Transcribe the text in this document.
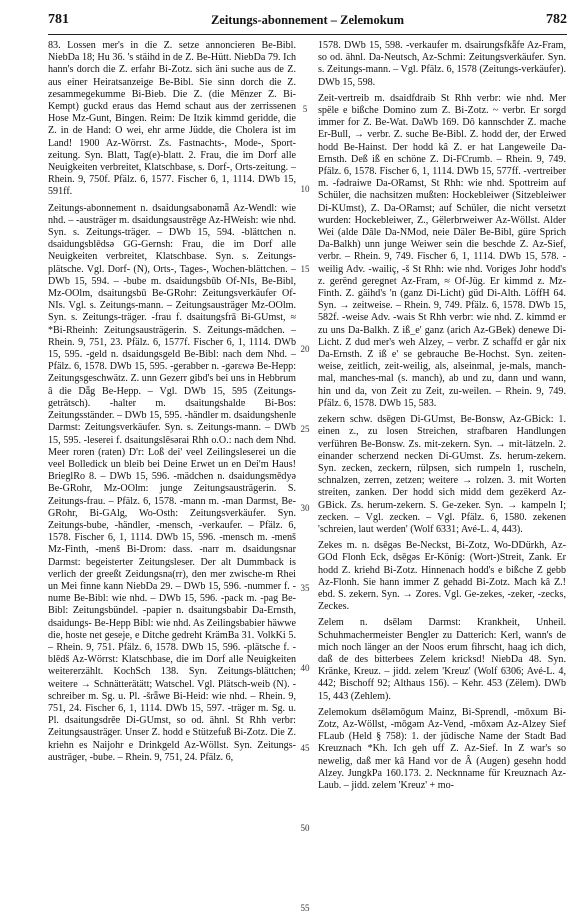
781	Zeitungs-abonnement – Zelemokum	782

83. Lossen mer's in die Z. setze annoncieren Be-Bibl. NiebDa 18; Hu 36. 's stäihd in de Z. Be-Hütt. NiebDa 79. Ich hann's dorch die Z. erfahr Bi-Zotz. sich äni suche aus de Z. aus einer Heiratsanzeige Be-Bibl. Sie sinn dorch die Z. zesammegekumme Bi-Bieb. Die Z. (die Mënzer Z. Bi-Kempt) guckd eraus das Hemd schaut aus der zerrissenen Hose Mz-Gunt, Bingen. Reim: De Itzik kimmd geridde, die Z. in de Hand: O wei, ehr arme Jüdde, die Cholera ist im Land! 1900 Az-Wörrst. Zs. Fastnachts-, Mode-, Sport-zeitung. Syn. Blatt, Tag(e)-blatt. 2. Frau, die im Dorf alle Neuigkeiten verbreitet, Klatschbase, s. Dorf-, Orts-zeitung. – Rhein. 9, 750f. Pfälz. 6, 1577. Fischer 6, 1, 1114. DWb 15, 591ff.

Zeitungs-abonnement n. dsaidungsabonəmǟ Az-Wendl: wie nhd. – -austräger m. dsaidungsaustrēgɐ Az-HWeish: wie nhd. Syn. s. Zeitungs-träger. – DWb 15, 594. -blättchen n. dsaidungsblēdsə GG-Gernsh: Frau, die im Dorf alle Neuigkeiten verbreitet, Klatschbase. Syn. s. Zeitungs-plätsche. Vgl. Dorf- (N), Orts-, Tages-, Wochen-blättchen. – DWb 15, 594. – -bube m. dsaidungsbūb Of-NIs, Be-Bibl, Mz-OOlm, dsaitungsbū Be-GRohr: Zeitungsverkäufer Of-NIs. Vgl. s. Zeitungs-mann. – Zeitungsausträger Mz-OOlm. Syn. s. Zeitungs-träger. -frau f. dsaitungsfrā Bi-GUmst, ≈ *Bi-Rheinh: Zeitungsausträgerin. S. Zeitungs-mädchen. – Rhein. 9, 751, 23. Pfälz. 6, 1577f. Fischer 6, 1, 1114. DWb 15, 595. -geld n. dsaidungsgeld Be-Bibl: nach dem Nhd. – Pfälz. 6, 1578. DWb 15, 595. -gerabber n. -gərɛwə Be-Hepp: Zeitungsgeschwätz. Z. unn Gezerr gibd's bei uns in Hebbrum â die Dǟg Be-Hepp. – Vgl. DWb 15, 595 (Zeitungs-geträtsch). -halter m. dsaitungshaldɐ Bi-Bos: Zeitungsständer. – DWb 15, 595. -händler m. dsaidungshenlɐ Darmst: Zeitungsverkäufer. Syn. s. Zeitungs-mann. – DWb 15, 595. -leserei f. dsaitungslēsərai Rhh o.O.: nach dem Nhd. Meer roren (raten) D'r: Loß dei' veel Zeilingsleserei un die veel Bolledick un bleib bei Deine Erwet un en Dei'm Haus! BrieglRo 8. – DWb 15, 596. -mädchen n. dsaidungsmēdyə Be-GRohr, Mz-OOlm: junge Zeitungsausträgerin. S. Zeitungs-frau. – Pfälz. 6, 1578. -mann m. -man Darmst, Be-GRohr, Bi-GAlg, Wo-Osth: Zeitungsverkäufer. Syn. Zeitungs-bube, -händler, -mensch, -verkaufer. – Pfälz. 6, 1578. Fischer 6, 1, 1114. DWb 15, 596. -mensch m. -menš Mz-Finth, -menš Bi-Drom: dass. -narr m. dsaidungsnar Darmst: begeisterter Zeitungsleser. Der alt Dummback is verlich der greeßt Zeidungsna(rr), den mer zwische-m Rhei un Mei finne kann NiebDa 29. – DWb 15, 596. -nummer f. -numɐ Be-Bibl: wie nhd. – DWb 15, 596. -pack m. -pag Be-Bibl: Zeitungsbündel. -papier n. dsaitungsbabir Da-Ernsth, dsaidungs- Be-Hepp Bibl: wie nhd. As Zeilingsbabier häwwe die, hoste net geseje, e Ditche gedreht KrämBa 31. VolkKi 5. – Rhein. 9, 751. Pfälz. 6, 1578. DWb 15, 596. -plätsche f. -blēdš Az-Wörrst: Klatschbase, die im Dorf alle Neuigkeiten weitererzählt. KochSch 138. Syn. Zeitungs-blättchen; weitere → Schnätterätätt; Watschel. Vgl. Plätsch-weib (N). -schreiber m. Sg. u. Pl. -šrǟwɐ Bi-Heid: wie nhd. – Rhein. 9, 751, 24. Fischer 6, 1, 1114. DWb 15, 597. -träger m. Sg. u. Pl. dsaitungsdrēɐ Di-GUmst, so od. ähnl. St Rhh verbr: Zeitungsausträger. Unser Z. hodd e Stützefuß Bi-Zotz. Die Z. kriehn es Naijohr e Drinkgeld Az-Wöllst. Syn. Zeitungs-austräger, -bube. – Rhein. 9, 751, 24. Pfälz. 6,

1578. DWb 15, 598. -verkaufer m. dsairungsfkǟfɐ Az-Fram, so od. ähnl. Da-Neutsch, Az-Schmi: Zeitungsverkäufer. Syn. s. Zeitungs-mann. – Vgl. Pfälz. 6, 1578 (Zeitungs-verkäufer). DWb 15, 598.

Zeit-vertreib m. dsaidfdraib St Rhh verbr: wie nhd. Mer spële e bißche Domino zum Z. Bi-Zotz. ~ verbr. Er sorgd immer for Z. Be-Wat. DaWb 169. Dô kannschder Z. mache Er-Bull, → verbr. Z. suche Be-Bibl. Z. hodd der, der Erwed hodd Be-Hainst. Der hodd kâ Z. er hat Langeweile Da-Ernsth. Deß iß en schöne Z. Di-FCrumb. – Rhein. 9, 749. Pfälz. 6, 1578. Fischer 6, 1, 1114. DWb 15, 577ff. -vertreiber m. -fədraiwɐ Da-ORamst, St Rhh: wie nhd. Spottreim auf Schüler, die nachsitzen mußten: Hockebleiwer (Sitzebleiwer Di-KUmst), Z. Da-ORamst; auf Schüler, die nicht versetzt wurden: Hockebleiwer, Z., Gëlerbrweiwer Az-Wöllst. Alder Wei (alde Dâle Da-NMod, neie Däler Be-Bibl, güre Sprich Da-Balkh) unn junge Weiwer sein die beschde Z. Az-Sief, verbr. – Rhein. 9, 749. Fischer 6, 1, 1114. DWb 15, 578. -weilig Adv. -wailiç, -š St Rhh: wie nhd. Voriges Johr hodd's z. gerënd geregnet Az-Fram, ≈ Of-Jüg. Er kimmd z. Mz-Finth. Z. gäihd's 'n (ganz Di-Licht) güd Di-Alth. LöffH 64. Syn. → zeitweise. – Rhein. 9, 749. Pfälz. 6, 1578. DWb 15, 582f. -weise Adv. -wais St Rhh verbr: wie nhd. Z. kimmd er zu uns Da-Balkh. Z iß_e' ganz (arich Az-GBek) denewe Di-Licht. Z dud mer's weh Alzey, – verbr. Z schaffd er går nix Da-Ernsth. Z iß e' se gebrauche Be-Hochst. Syn. zeiten-weise, zeitlich, zeit-weilig, als, alseinmal, je-mals, manch-mal, manches-mal (s. manch), ab und zu, dann und wann, hin und da, von Zeit zu Zeit, zu-weilen. – Rhein. 9, 749. Pfälz. 6, 1578. DWb 15, 583.

zekern schw. dsēgɐn Di-GUmst, Be-Bonsw, Az-GBick: 1. einen z., zu losen Streichen, strafbaren Handlungen verführen Be-Bonsw. Zs. mit-zekern. Syn. → mit-lätzeln. 2. einander scherzend necken Di-GUmst. Zs. herum-zekern. Syn. zecken, zeckern, rülpsen, sich rumpeln 1, ruscheln, schnalzen, zerren, zetzen; weitere → rolzen. 3. mit Worten streiten, zanken. Der hodd sich midd dem gezëkerd Az-GBick. Zs. herum-zekern. S. Ge-zeker. Syn. → kampeln I; zecken. – Vgl. zecken. – Vgl. Pfälz. 6, 1580. zekenen 'schreien, laut werden' (Wolf 6331; Avé-L. 4, 443).

Zekes m. n. dsēgəs Be-Neckst, Bi-Zotz, Wo-DDürkh, Az-GOd Flonh Eck, dsēgəs Er-König: (Wort-)Streit, Zank. Er hodd Z. kriehd Bi-Zotz. Hinnenach hodd's e bißche Z gebb Az-Flonh. Sie hann immer Z gehadd Bi-Zotz. Mach kâ Z.! ebd. S. zekern. Syn. → Zores. Vgl. Ge-zekes, -zeker, -zecks, Zeckes.

Zelem n. dsēləm Darmst: Krankheit, Unheil. Schuhmachermeister Bengler zu Datterich: Kerl, wann's de mich noch länger an der Noos erum fihrscht, haag ich dich, daß de des bitterbees Zelem kricksd! NiebDa 48. Syn. Kränke, Kreuz. – jidd. zelem 'Kreuz' (Wolf 6306; Avé-L. 4, 442; Bischoff 92; Althaus 156). – Kehr. 453 (Zëlem). DWb 15, 443 (Zehlem).

Zelemokum dsēləmōgum Mainz, Bi-Sprendl, -mōxum Bi-Zotz, Az-Wöllst, -mōgəm Az-Vend, -mōxəm Az-Alzey Sief FLaub (Held § 758): 1. der jüdische Name der Stadt Bad Kreuznach *Kh. Ich geh uff Z. Az-Sief. In Z war's so newelig, daß mer kâ Hand vor de Â (Augen) gesehn hodd Alzey. JungkPa 160.173. 2. Necknname für Kreuznach Az-Laub. – jidd. zelem 'Kreuz' + mo-

5
10
15
20
25
30
35
40
45
50
55
